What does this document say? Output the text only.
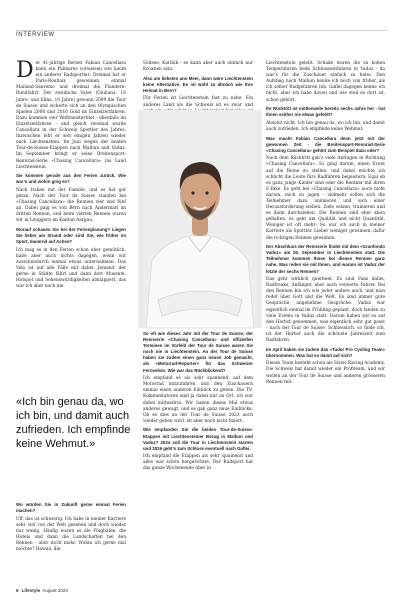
INTERVIEW

Der 41-jährige Berner Fabian Cancellara kann ein Palmares vorweisen wie kaum ein anderer Radsportler: Dreimal hat er Paris-Roubaix gewonnen, einmal Mailand-Sanremo und dreimal die Flandern-Rundfahrt. Der zweifache Vater (Giuliana, 16 Jahre, und Elina, 10 Jahre) gewann 2009 die Tour de Suisse und sicherte sich an den Olympischen Spielen 2008 und 2016 Gold im Einzelzeitfahren. Dazu kommen vier Weltmeistertitel - ebenfalls im Einzelzeitfahren - und gleich zweimal wurde Cancellara in der Schweiz Sportler des Jahres. Inzwischen lebt er seit einigen Jahren wieder nach Liechtenstein. Im Juni wegen der beiden Tour-de-Suisse-Etappen nach Malbun und Vaduz. Im September bringt er seine Breitensport-Rennrad-Serie «Chasing Cancellara» ins Land Liechtenstein.

Sie kommen gerade aus den Ferien zurück. Wie war’s und wohin ging es?

Nach Italien mit der Familie, und es hat gut getan. Nach der Tour de Suisse standen bei «Chasing Cancellara» die Rennen vier und fünf an. Dabei ging es von Bern nach Andermatt im dritten Rennen, und beim vierten Rennen waren wir in Leuggern im Kanton Aargau.

Worauf schauen Sie bei der Ferienplanung? Liegen Sie lieber am Strand oder sind Sie, wie früher im Sport, dauernd auf Achse?

Ich mag es in den Ferien schon eher gemütlich, habe aber auch nichts dagegen, wenn wir zwischendurch einmal etwas unternehmen. Das Velo ist auf alle Fälle mit dabei. Jemand, der gerne in Städte fährt und dann dort Museum, Hotspot und Sehenswürdigkeiten abklappert, das war ich aber noch nie.

«Ich bin genau da, wo ich bin, und damit auch zufrieden. Ich empfinde keine Wehmut.»

Wo würden Sie in Zukunft gerne einmal Ferien machen?

Uff, das ist schwierig. Ich habe in meiner Karriere sehr viel von der Welt gesehen und doch wieder nur wenig. Häufig waren es die Flughäfen, die Hotels und dann die Landschaften bei den Rennen - aber nicht mehr. Wohin ich gerne mal möchte? Hawaii, die

Südsee, Karibik - es kann aber auch einfach nur Kroatien sein.

Also am liebsten ans Meer, dann wäre Liechtenstein keine Alternative. Es ist wohl zu ähnlich wie Ihre Heimat in Bern?

Für Ferien ist Liechtenstein fast zu nahe. Ein anderes Land als die Schweiz ist es zwar und

So oft wie dieses Jahr mit der Tour de Suisse, der Rennserie «Chasing Cancellara» und offiziellen Terminen im Vorfeld der Tour de Suisse waren Sie noch nie in Liechtenstein. An der Tour de Suisse haben sie zudem einen ganz neuen Job gemacht, als «Motorrad-Reporter» für das Schweizer Fernsehen. Wie war das Rückblickend?

Ich empfand es als sehr spannend, auf dem Motorrad mitzufahren und den Zuschauern einmal einen anderen Einblick zu geben. Die TV-Kommentatoren sind ja dabei nur an Ort, ich war dabei mittendrin. Wir haben dieses Mal etwas anderes gewagt, und es gab ganz neue Einblicke. Ob es dies an der Tour de Suisse 2023 auch wieder geben wird, ist aber noch nicht fixiert.

Wie empfanden Sie die beiden Tour-de-Suisse-Etappen mit Liechtensteiner Bezug in Malbun und Vaduz? 2024 soll die Tour in Liechtenstein starten und 2026 geht’s zum Schluss eventuell nach Gaflei.

Ich empfand die Etappen als sehr spannend und alles war schön hergerichtet. Der Radsport hat das ganze Wochenende über in

Liechtenstein gelebt. Schade waren die zu hohen Temperaturen beim Schlusszeitfahren in Vaduz - da war’s für die Zuschauer einfach zu heiss. Den Aufstieg nach Malbun kenne ich noch von früher, als ich selber Radgefahren bin. Gaflei dagegen kenne ich nicht, aber ich habe davon und wie steil es dort ist, schon gehört.

Ihr Rücktritt ist mittlerweile bereits sechs Jahre her - hat Ihnen seither nie etwas gefehlt?

Absolut nicht. Ich bin genau da, wo ich bin, und damit auch zufrieden. Ich empfinde keine Wehmut.

Was macht Fabian Cancellara denn jetzt mit der gewonnen Zeit - die Breitensport-Rennrad-Serie «Chasing Cancellara» gehört zum Beispiel dazu oder?

Nach dem Rücktritt gab’s viele Anfragen in Richtung «Chasing Cancellara». Es ging darum, einen Event auf die Beine zu stellen, und dabei möchte ich schlicht die Leute fürs Radfahren begeistern. Egal ob es ganz junge Kinder sind oder die Rentner mit ihren E-Bike. Es geht bei «Chasing Cancellara» auch nicht darum, mich zu jagen - vielmehr sollen sich die Teilnehmer dazu animieren und sich einer Herausforderung stellen. Ziele setzen, trainieren und es dann durchziehen. Die Rennen sind eher klein gehalten, es geht um Qualität und nicht Quantität. Weniger ist oft mehr: So war ich auch in meiner Karriere als Sportler. Lieber weniger gewinnen, dafür die richtigen Rennen gewinnen.

Der Abschluss der Rennserie findet mit dem «Granfondo Vaduz» am 25. September in Liechtenstein statt. Die Teilnehmer kommen Ihnen bei diesen Rennen ganz nahe. Was reden sie mit Ihnen, und warum ist Vaduz der letzte der sechs Rennen?

Das geht wirklich querbeet. Es sind Fans dabei, Radfreaks, Anfänger, aber auch versierte Fahrer. Bei den Rennen bin ich wie jeder andere auch, und man redet über Gott und die Welt. Es sind immer gute Gespräche, angenehme Gespräche. Vaduz war eigentlich einmal im Frühling geplant, doch fanden zu viele Events in Vaduz statt. Darum haben wir es auf den Herbst genommen, was eigentlich sehr gut passt - nach der Tour de Suisse. Schliesslich, so finde ich, ist der Herbst auch die schönste Jahreszeit zum Radfahren.

Im April haben sie zudem das «Tudor Pro Cycling Team» übernommen. Was hat es damit auf sich?

Dieses Team besteht schon als Swiss Racing Academy. Die Schweiz hat damit wieder ein Profiteam, und wir wollen an der Tour de Suisse und anderen grösseren Rennen teil-

6 Lifestyle August 2022
